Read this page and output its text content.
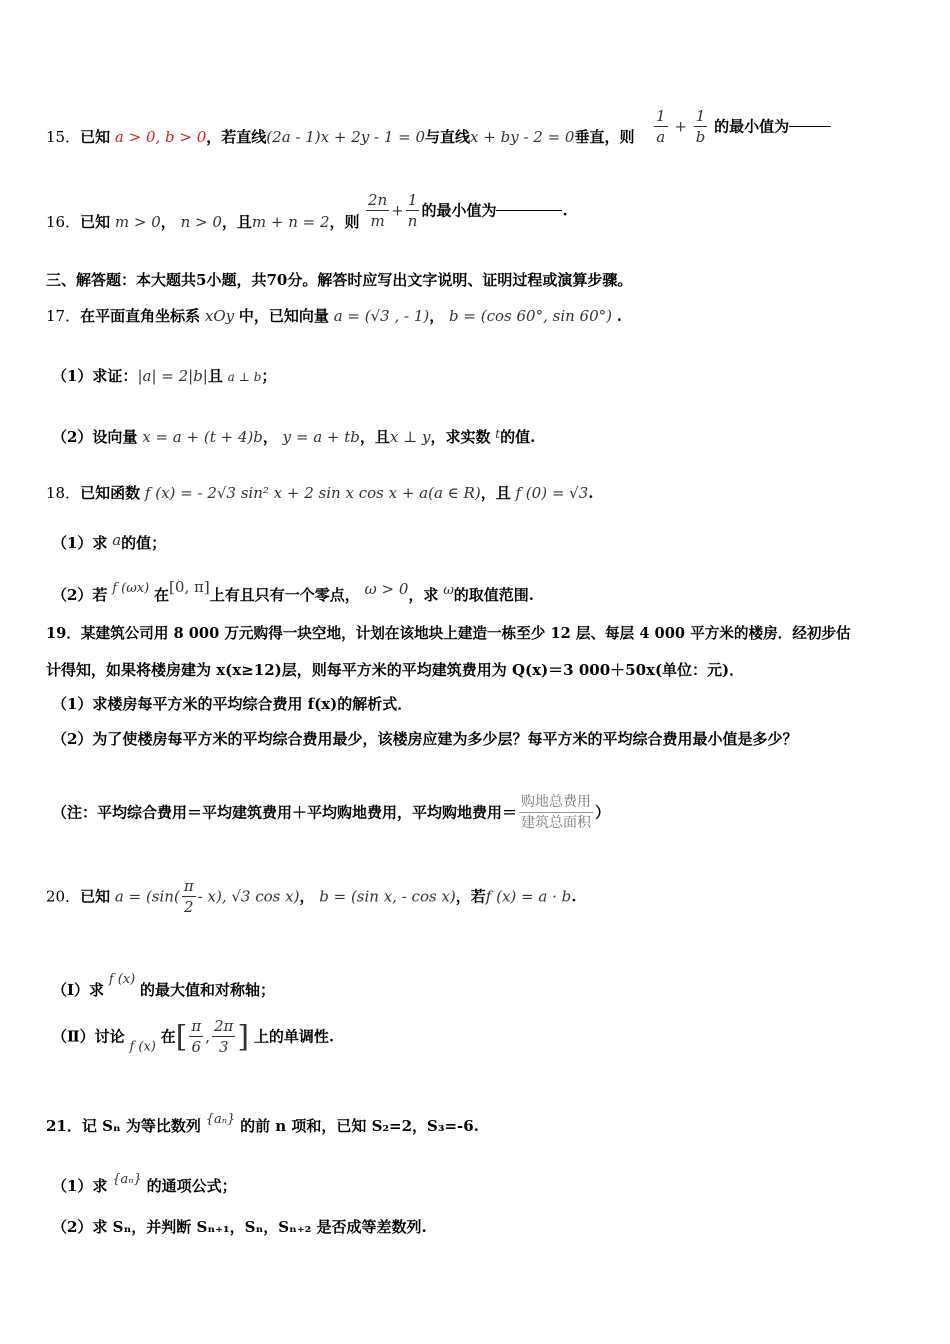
15．已知 a > 0, b > 0，若直线(2a - 1)x + 2y - 1 = 0与直线x + by - 2 = 0垂直，则 $\frac{1}{a} + \frac{1}{b}$ 的最小值为
16．已知 m > 0， n > 0，且m + n = 2，则 $\frac{2n}{m} + \frac{1}{n}$ 的最小值为	.
三、解答题：本大题共5小题，共70分。解答时应写出文字说明、证明过程或演算步骤。
17．在平面直角坐标系 xOy 中，已知向量 a = (√3 , - 1)， b = (cos 60°, sin 60°) .
（1）求证：|a| = 2|b|且 a ⊥ b；
（2）设向量 x = a + (t + 4)b， y = a + tb，且x ⊥ y，求实数 $^t$的值.
18．已知函数 f (x) = - 2√3 sin² x + 2 sin x cos x + a(a ∈ R)，且 f (0) = √3.
（1）求 a的值；
（2）若 f (ωx) 在[0, π]上有且只有一个零点， ω > 0，求 ω的取值范围.
19．某建筑公司用 8 000 万元购得一块空地，计划在该地块上建造一栋至少 12 层、每层 4 000 平方米的楼房．经初步估
计得知，如果将楼房建为 x(x≥12)层，则每平方米的平均建筑费用为 Q(x)＝3 000＋50x(单位：元)．
（1）求楼房每平方米的平均综合费用 f(x)的解析式．
（2）为了使楼房每平方米的平均综合费用最少，该楼房应建为多少层？每平方米的平均综合费用最小值是多少？
（注：平均综合费用＝平均建筑费用＋平均购地费用，平均购地费用＝ $\frac{\text{购地总费用}}{\text{建筑总面积}}$ ）
20．已知 $a = (\sin( \frac{\pi}{2} - x)$, √3 cos x)， b = (sin x, - cos x)，若f (x) = a · b.
（Ⅰ）求 f (x) 的最大值和对称轴；
（Ⅱ）讨论 f (x) 在[ $\frac{\pi}{6}$ , $\frac{2\pi}{3}$ ] 上的单调性.
21．记 Sₙ 为等比数列 {aₙ} 的前 n 项和，已知 S₂=2，S₃=-6.
（1）求 {aₙ} 的通项公式；
（2）求 Sₙ，并判断 Sₙ₊₁，Sₙ，Sₙ₊₂ 是否成等差数列.
